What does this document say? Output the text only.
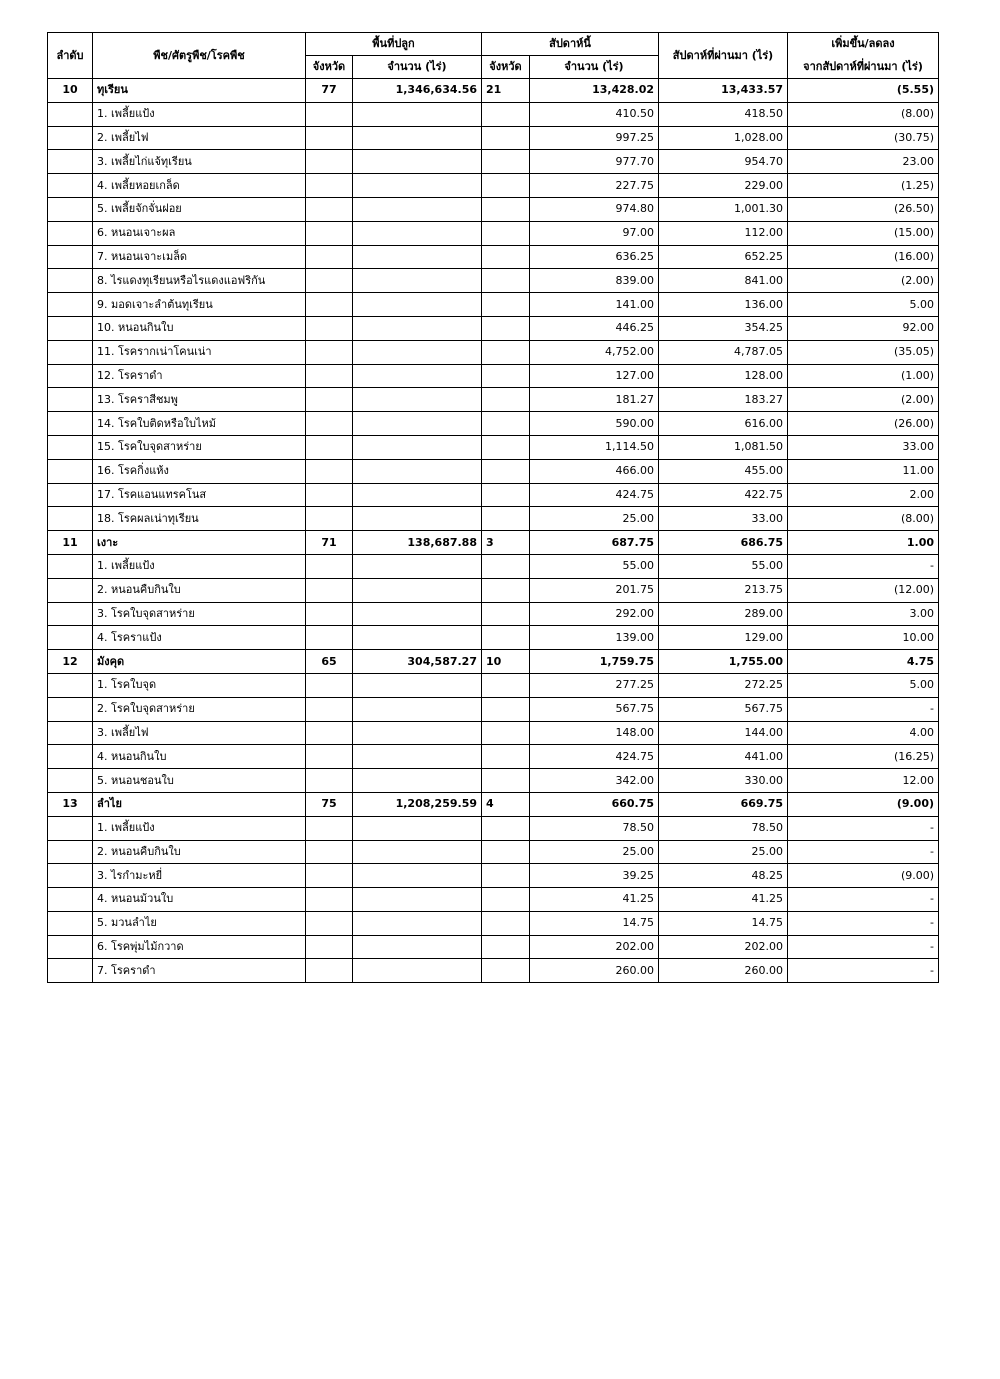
ลำดับ	พืช/ศัตรูพืช/โรคพืช	พื้นที่ปลูก		สัปดาห์นี้		สัปดาห์ที่ผ่านมา (ไร่)	เพิ่มขึ้น/ลดลง
		จังหวัด	จำนวน (ไร่)	จังหวัด	จำนวน (ไร่)		จากสัปดาห์ที่ผ่านมา (ไร่)
10	ทุเรียน	77	1,346,634.56	21	13,428.02	13,433.57	(5.55)
	1. เพลี้ยแป้ง				410.50	418.50	(8.00)
	2. เพลี้ยไฟ				997.25	1,028.00	(30.75)
	3. เพลี้ยไก่แจ้ทุเรียน				977.70	954.70	23.00
	4. เพลี้ยหอยเกล็ด				227.75	229.00	(1.25)
	5. เพลี้ยจักจั่นฝอย				974.80	1,001.30	(26.50)
	6. หนอนเจาะผล				97.00	112.00	(15.00)
	7. หนอนเจาะเมล็ด				636.25	652.25	(16.00)
	8. ไรแดงทุเรียนหรือไรแดงแอฟริกัน				839.00	841.00	(2.00)
	9. มอดเจาะลำต้นทุเรียน				141.00	136.00	5.00
	10. หนอนกินใบ				446.25	354.25	92.00
	11. โรครากเน่าโคนเน่า				4,752.00	4,787.05	(35.05)
	12. โรคราดำ				127.00	128.00	(1.00)
	13. โรคราสีชมพู				181.27	183.27	(2.00)
	14. โรคใบติดหรือใบไหม้				590.00	616.00	(26.00)
	15. โรคใบจุดสาหร่าย				1,114.50	1,081.50	33.00
	16. โรคกิ่งแห้ง				466.00	455.00	11.00
	17. โรคแอนแทรคโนส				424.75	422.75	2.00
	18. โรคผลเน่าทุเรียน				25.00	33.00	(8.00)
11	เงาะ	71	138,687.88	3	687.75	686.75	1.00
	1. เพลี้ยแป้ง				55.00	55.00	-
	2. หนอนคืบกินใบ				201.75	213.75	(12.00)
	3. โรคใบจุดสาหร่าย				292.00	289.00	3.00
	4. โรคราแป้ง				139.00	129.00	10.00
12	มังคุด	65	304,587.27	10	1,759.75	1,755.00	4.75
	1. โรคใบจุด				277.25	272.25	5.00
	2. โรคใบจุดสาหร่าย				567.75	567.75	-
	3. เพลี้ยไฟ				148.00	144.00	4.00
	4. หนอนกินใบ				424.75	441.00	(16.25)
	5. หนอนชอนใบ				342.00	330.00	12.00
13	ลำไย	75	1,208,259.59	4	660.75	669.75	(9.00)
	1. เพลี้ยแป้ง				78.50	78.50	-
	2. หนอนคืบกินใบ				25.00	25.00	-
	3. ไรกำมะหยี่				39.25	48.25	(9.00)
	4. หนอนม้วนใบ				41.25	41.25	-
	5. มวนลำไย				14.75	14.75	-
	6. โรคพุ่มไม้กวาด				202.00	202.00	-
	7. โรคราดำ				260.00	260.00	-
